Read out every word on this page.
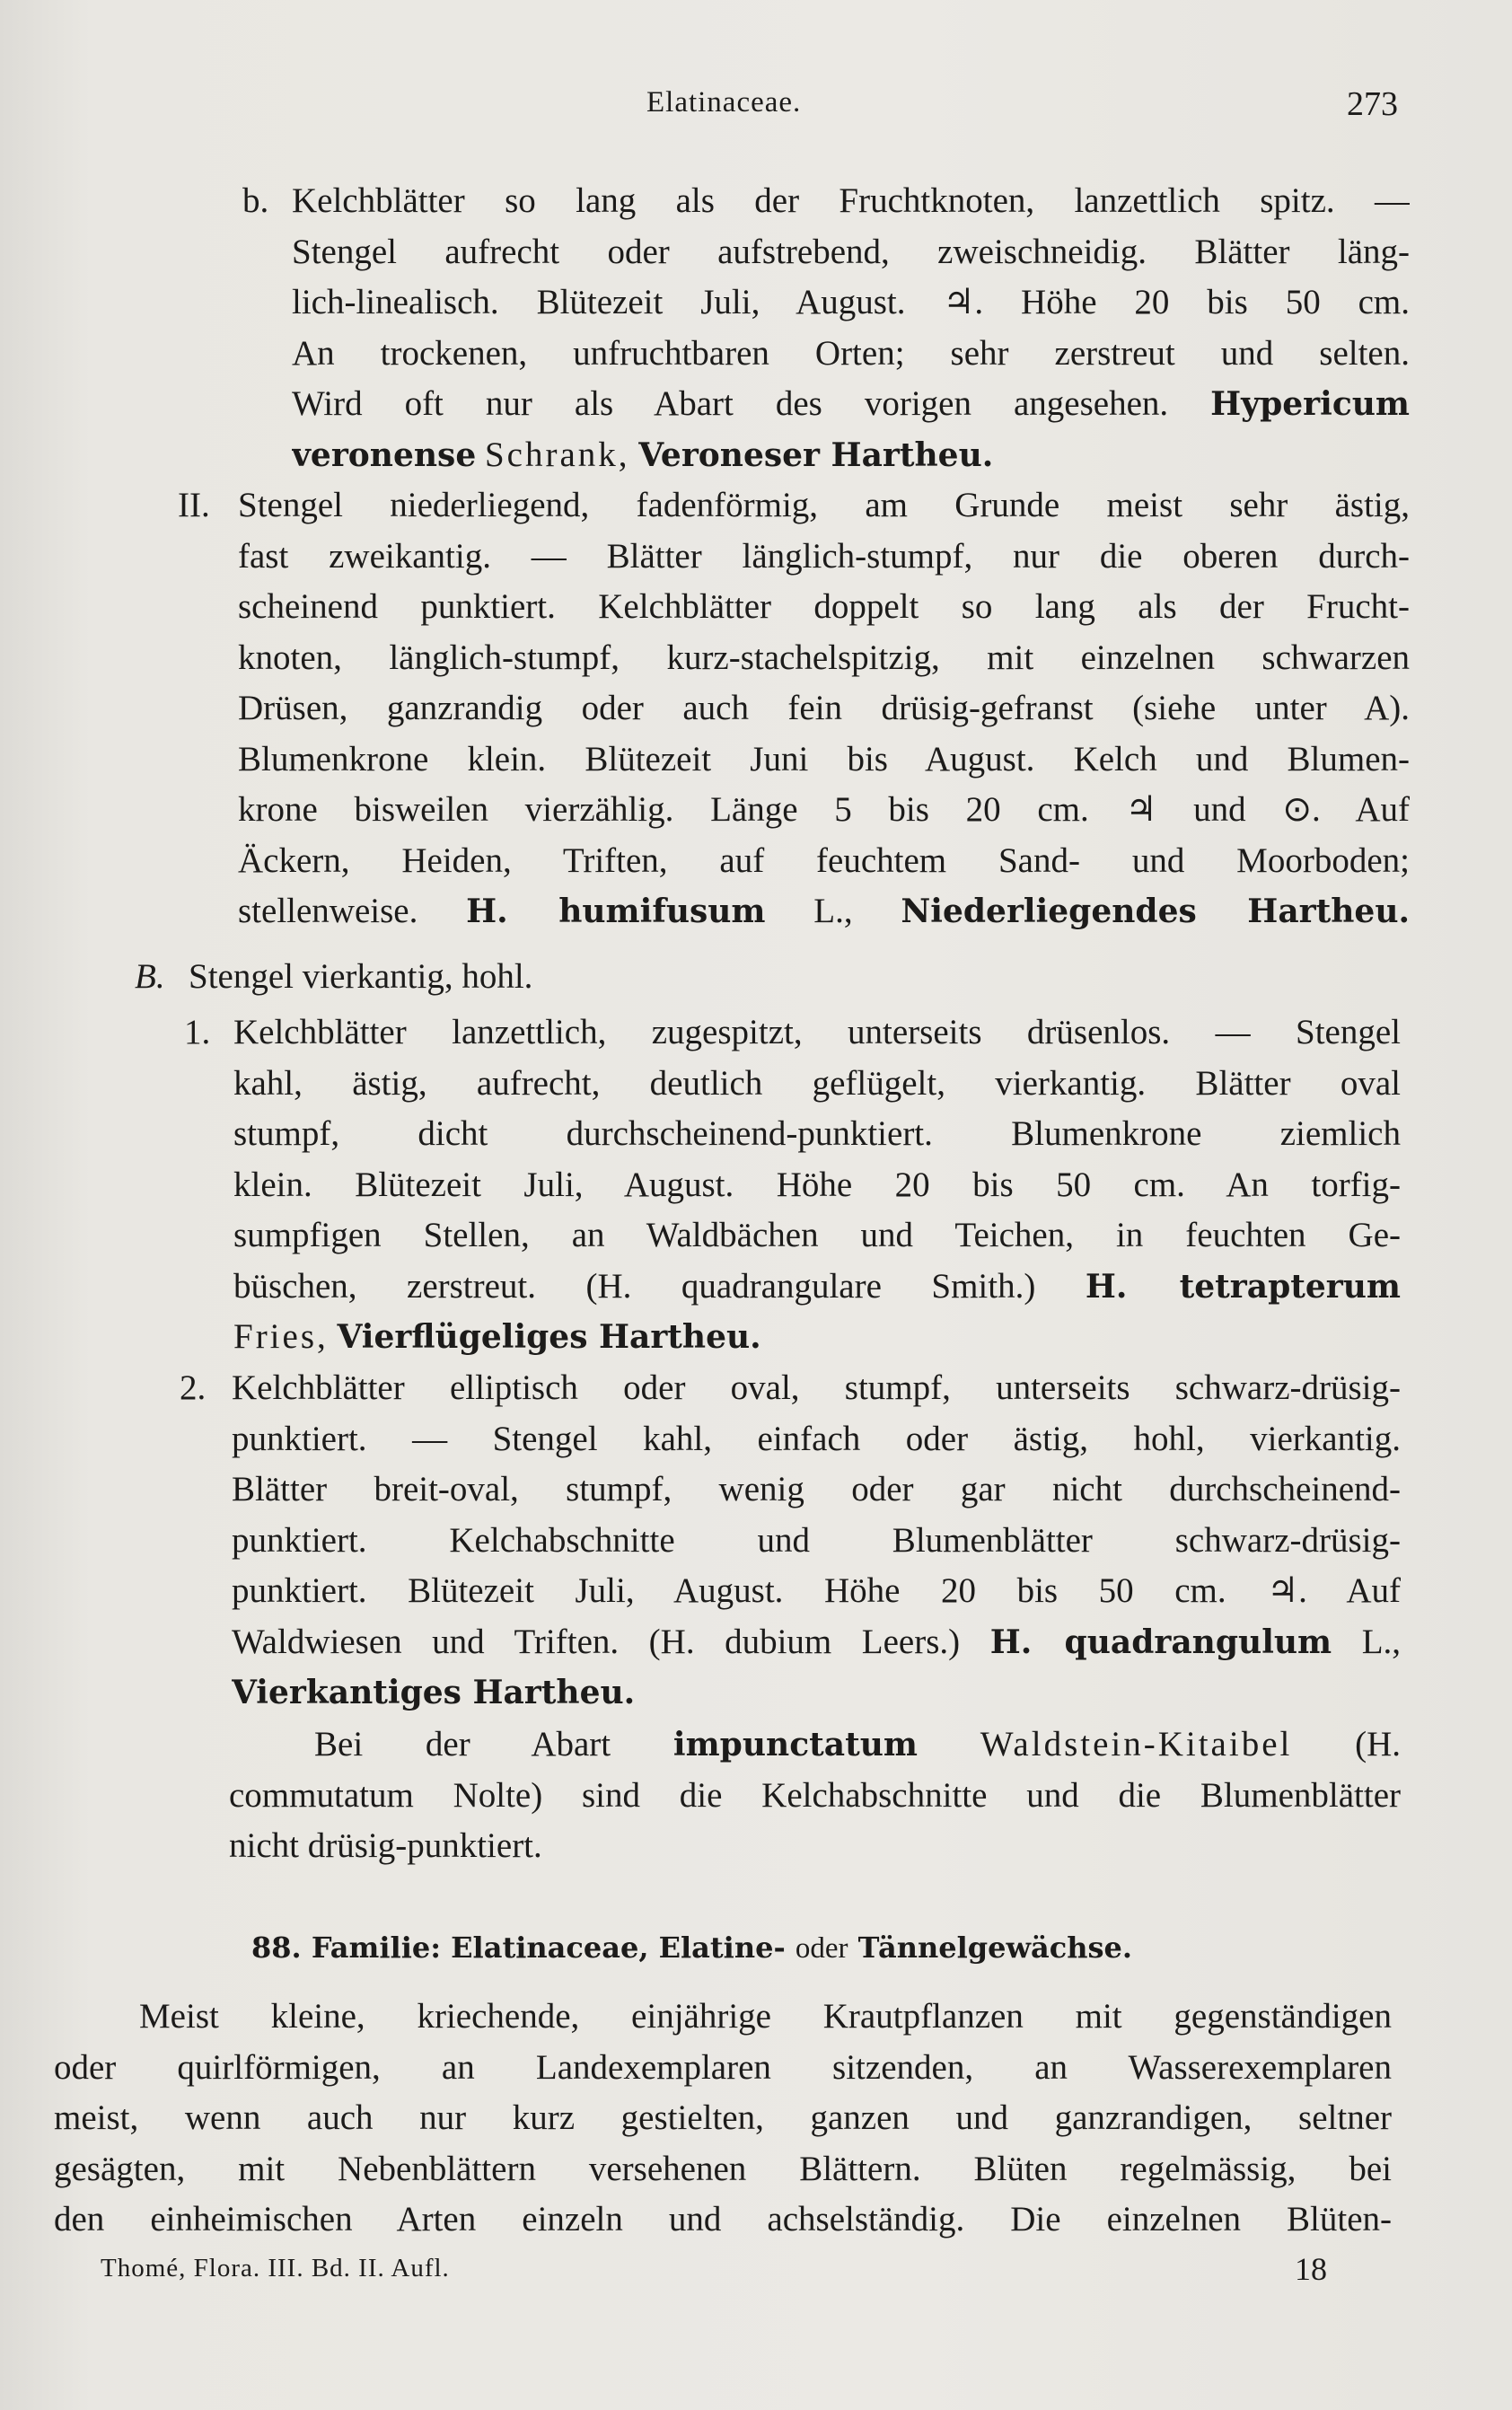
Elatinaceae.	273
b. Kelchblätter so lang als der Fruchtknoten, lanzettlich spitz. —
Stengel aufrecht oder aufstrebend, zweischneidig. Blätter läng-
lich-linealisch. Blütezeit Juli, August. ♃. Höhe 20 bis 50 cm.
An trockenen, unfruchtbaren Orten; sehr zerstreut und selten.
Wird oft nur als Abart des vorigen angesehen. Hypericum
veronense Schrank, Veroneser Hartheu.
II. Stengel niederliegend, fadenförmig, am Grunde meist sehr ästig,
fast zweikantig. — Blätter länglich-stumpf, nur die oberen durch-
scheinend punktiert. Kelchblätter doppelt so lang als der Frucht-
knoten, länglich-stumpf, kurz-stachelspitzig, mit einzelnen schwarzen
Drüsen, ganzrandig oder auch fein drüsig-gefranst (siehe unter A).
Blumenkrone klein. Blütezeit Juni bis August. Kelch und Blumen-
krone bisweilen vierzählig. Länge 5 bis 20 cm. ♃ und ⊙. Auf
Äckern, Heiden, Triften, auf feuchtem Sand- und Moorboden;
stellenweise. H. humifusum L., Niederliegendes Hartheu.
B. Stengel vierkantig, hohl.
1. Kelchblätter lanzettlich, zugespitzt, unterseits drüsenlos. — Stengel
kahl, ästig, aufrecht, deutlich geflügelt, vierkantig. Blätter oval
stumpf, dicht durchscheinend-punktiert. Blumenkrone ziemlich
klein. Blütezeit Juli, August. Höhe 20 bis 50 cm. An torfig-
sumpfigen Stellen, an Waldbächen und Teichen, in feuchten Ge-
büschen, zerstreut. (H. quadrangulare Smith.) H. tetrapterum
Fries, Vierflügeliges Hartheu.
2. Kelchblätter elliptisch oder oval, stumpf, unterseits schwarz-drüsig-
punktiert. — Stengel kahl, einfach oder ästig, hohl, vierkantig.
Blätter breit-oval, stumpf, wenig oder gar nicht durchscheinend-
punktiert. Kelchabschnitte und Blumenblätter schwarz-drüsig-
punktiert. Blütezeit Juli, August. Höhe 20 bis 50 cm. ♃. Auf
Waldwiesen und Triften. (H. dubium Leers.) H. quadrangulum L.,
Vierkantiges Hartheu.
Bei der Abart impunctatum Waldstein-Kitaibel (H.
commutatum Nolte) sind die Kelchabschnitte und die Blumenblätter
nicht drüsig-punktiert.
88. Familie: Elatinaceae, Elatine- oder Tännelgewächse.
Meist kleine, kriechende, einjährige Krautpflanzen mit gegenständigen
oder quirlförmigen, an Landexemplaren sitzenden, an Wasserexemplaren
meist, wenn auch nur kurz gestielten, ganzen und ganzrandigen, seltner
gesägten, mit Nebenblättern versehenen Blättern. Blüten regelmässig, bei
den einheimischen Arten einzeln und achselständig. Die einzelnen Blüten-
Thomé, Flora. III. Bd. II. Aufl.	18
